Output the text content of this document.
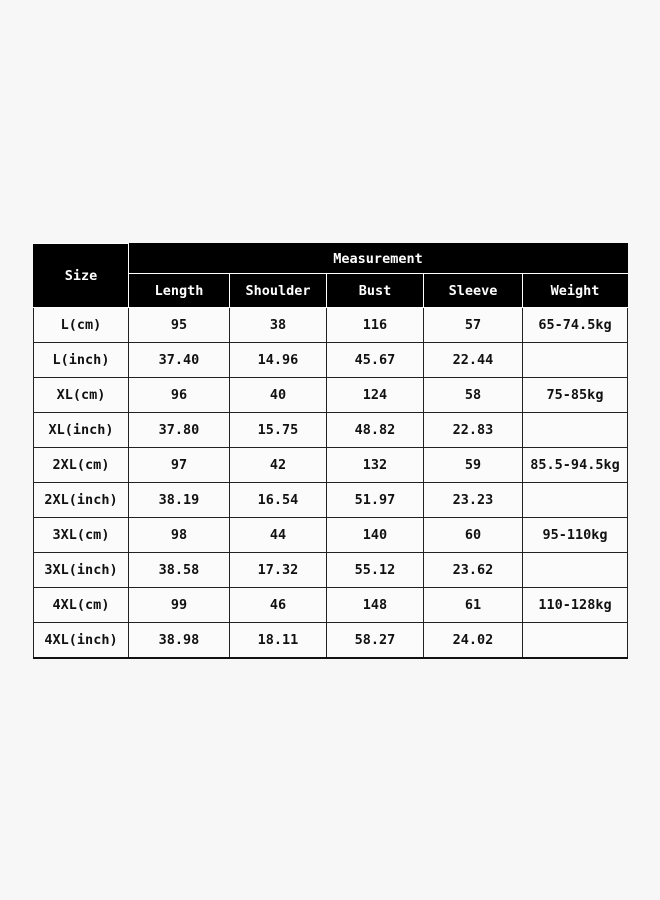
Size	Measurement				
	Length	Shoulder	Bust	Sleeve	Weight
L(cm)	95	38	116	57	65-74.5kg
L(inch)	37.40	14.96	45.67	22.44	
XL(cm)	96	40	124	58	75-85kg
XL(inch)	37.80	15.75	48.82	22.83	
2XL(cm)	97	42	132	59	85.5-94.5kg
2XL(inch)	38.19	16.54	51.97	23.23	
3XL(cm)	98	44	140	60	95-110kg
3XL(inch)	38.58	17.32	55.12	23.62	
4XL(cm)	99	46	148	61	110-128kg
4XL(inch)	38.98	18.11	58.27	24.02	
